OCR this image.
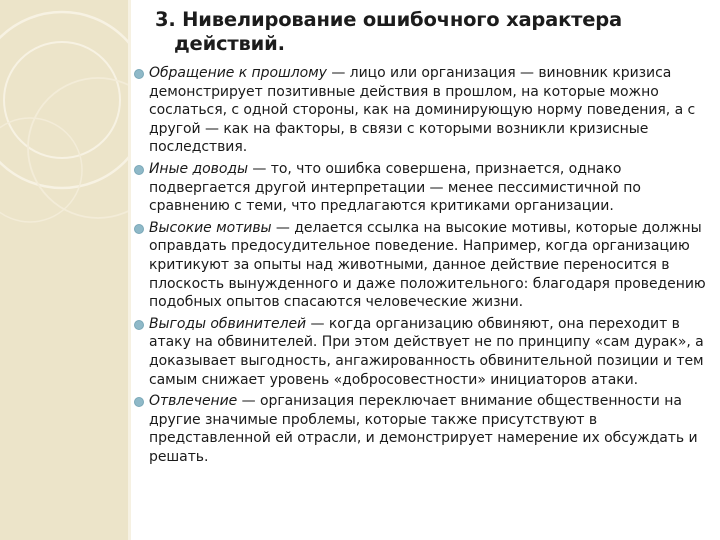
3. Нивелирование ошибочного характера
действий.
Обращение к прошлому — лицо или организация — виновник кризиса демонстрирует позитивные действия в прошлом, на которые можно сослаться, с одной стороны, как на доминирующую норму поведения, а с другой — как на факторы, в связи с которыми возникли кризисные последствия.
Иные доводы — то, что ошибка совершена, признается, однако подвергается другой интерпретации — менее пессимистичной по сравнению с теми, что предлагаются критиками организации.
Высокие мотивы — делается ссылка на высокие мотивы, которые должны оправдать предосудительное поведение. Например, когда организацию критикуют за опыты над животными, данное действие переносится в плоскость вынужденного и даже положительного: благодаря проведению подобных опытов спасаются человеческие жизни.
Выгоды обвинителей — когда организацию обвиняют, она переходит в атаку на обвинителей. При этом действует не по принципу «сам дурак», а доказывает выгодность, ангажированность обвинительной позиции и тем самым снижает уровень «добросовестности» инициаторов атаки.
Отвлечение — организация переключает внимание общественности на другие значимые проблемы, которые также присутствуют в представленной ей отрасли, и демонстрирует намерение их обсуждать и решать.
